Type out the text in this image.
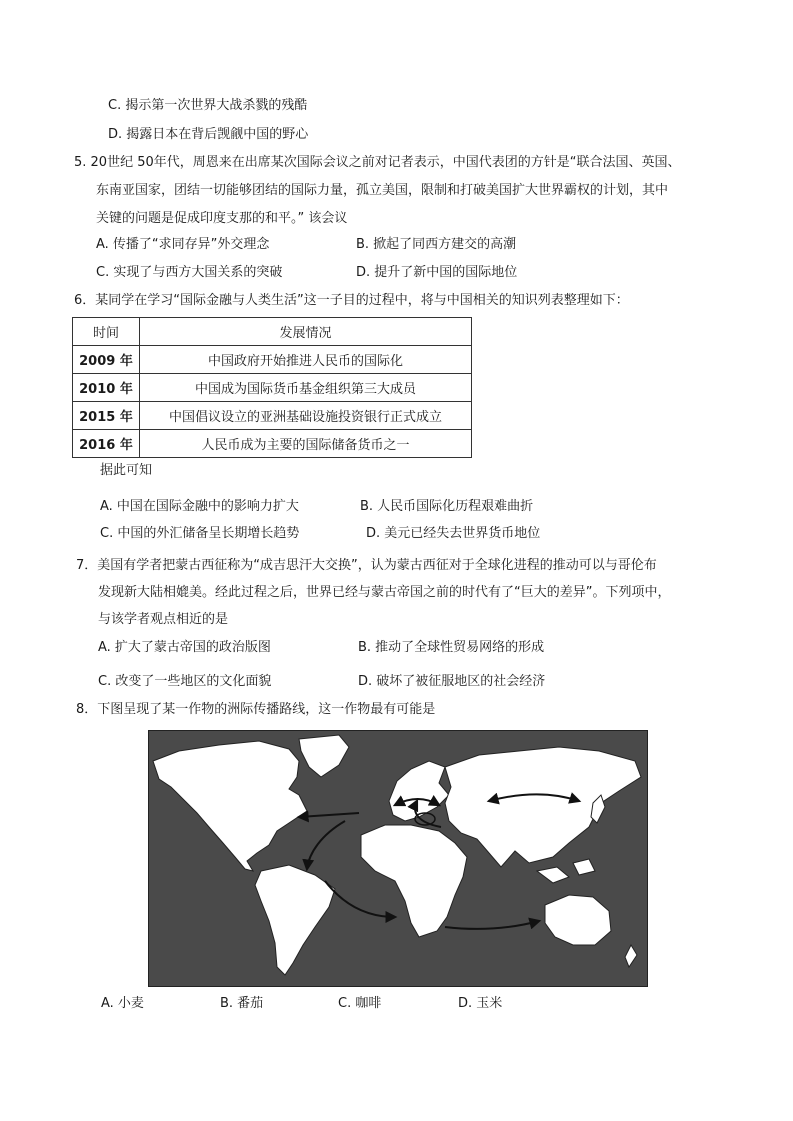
C. 揭示第一次世界大战杀戮的残酷
D. 揭露日本在背后觊觎中国的野心
5. 20世纪 50年代，周恩来在出席某次国际会议之前对记者表示，中国代表团的方针是“联合法国、英国、
东南亚国家，团结一切能够团结的国际力量，孤立美国，限制和打破美国扩大世界霸权的计划，其中
关键的问题是促成印度支那的和平。” 该会议
A. 传播了“求同存异”外交理念	B. 掀起了同西方建交的高潮
C. 实现了与西方大国关系的突破	D. 提升了新中国的国际地位
6．某同学在学习“国际金融与人类生活”这一子目的过程中，将与中国相关的知识列表整理如下：
时间	发展情况
2009 年	中国政府开始推进人民币的国际化
2010 年	中国成为国际货币基金组织第三大成员
2015 年	中国倡议设立的亚洲基础设施投资银行正式成立
2016 年	人民币成为主要的国际储备货币之一
据此可知
A. 中国在国际金融中的影响力扩大	B. 人民币国际化历程艰难曲折
C. 中国的外汇储备呈长期增长趋势	D. 美元已经失去世界货币地位
7．美国有学者把蒙古西征称为“成吉思汗大交换”，认为蒙古西征对于全球化进程的推动可以与哥伦布
发现新大陆相媲美。经此过程之后，世界已经与蒙古帝国之前的时代有了“巨大的差异”。下列项中，
与该学者观点相近的是
A. 扩大了蒙古帝国的政治版图	B. 推动了全球性贸易网络的形成
C. 改变了一些地区的文化面貌	D. 破坏了被征服地区的社会经济
8．下图呈现了某一作物的洲际传播路线，这一作物最有可能是
A. 小麦	B. 番茄	C. 咖啡	D. 玉米
